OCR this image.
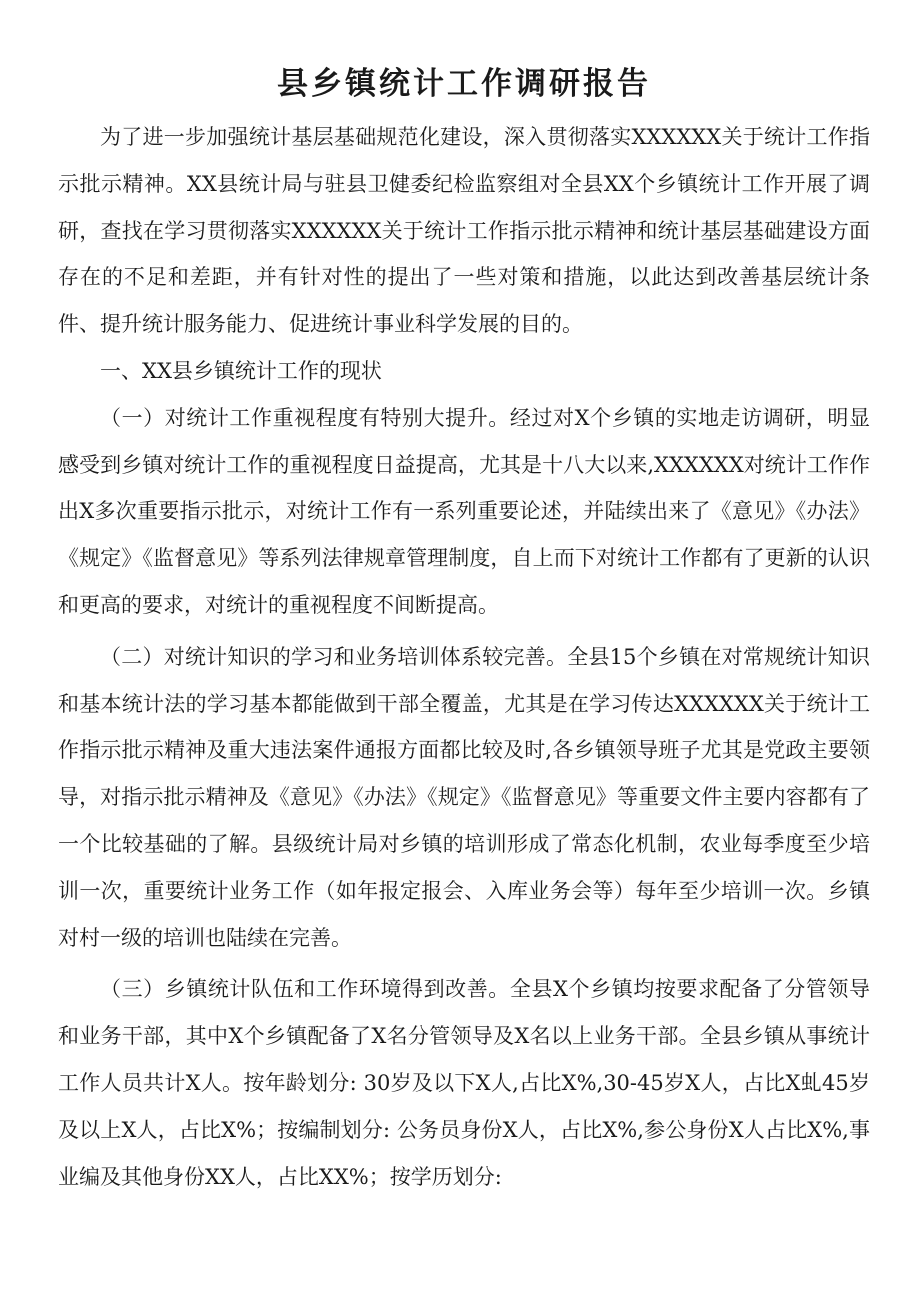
县乡镇统计工作调研报告

为了进一步加强统计基层基础规范化建设，深入贯彻落实XXXXXX关于统计工作指示批示精神。XX县统计局与驻县卫健委纪检监察组对全县XX个乡镇统计工作开展了调研，查找在学习贯彻落实XXXXXX关于统计工作指示批示精神和统计基层基础建设方面存在的不足和差距，并有针对性的提出了一些对策和措施，以此达到改善基层统计条件、提升统计服务能力、促进统计事业科学发展的目的。

一、XX县乡镇统计工作的现状

（一）对统计工作重视程度有特别大提升。经过对X个乡镇的实地走访调研，明显感受到乡镇对统计工作的重视程度日益提高，尤其是十八大以来,XXXXXX对统计工作作出X多次重要指示批示，对统计工作有一系列重要论述，并陆续出来了《意见》《办法》《规定》《监督意见》等系列法律规章管理制度，自上而下对统计工作都有了更新的认识和更高的要求，对统计的重视程度不间断提高。

（二）对统计知识的学习和业务培训体系较完善。全县15个乡镇在对常规统计知识和基本统计法的学习基本都能做到干部全覆盖，尤其是在学习传达XXXXXX关于统计工作指示批示精神及重大违法案件通报方面都比较及时,各乡镇领导班子尤其是党政主要领导，对指示批示精神及《意见》《办法》《规定》《监督意见》等重要文件主要内容都有了一个比较基础的了解。县级统计局对乡镇的培训形成了常态化机制，农业每季度至少培训一次，重要统计业务工作（如年报定报会、入库业务会等）每年至少培训一次。乡镇对村一级的培训也陆续在完善。

（三）乡镇统计队伍和工作环境得到改善。全县X个乡镇均按要求配备了分管领导和业务干部，其中X个乡镇配备了X名分管领导及X名以上业务干部。全县乡镇从事统计工作人员共计X人。按年龄划分: 30岁及以下X人,占比X%,30-45岁X人，占比X虬45岁及以上X人，占比X%；按编制划分: 公务员身份X人，占比X%,参公身份X人占比X%,事业编及其他身份XX人，占比XX%；按学历划分:
